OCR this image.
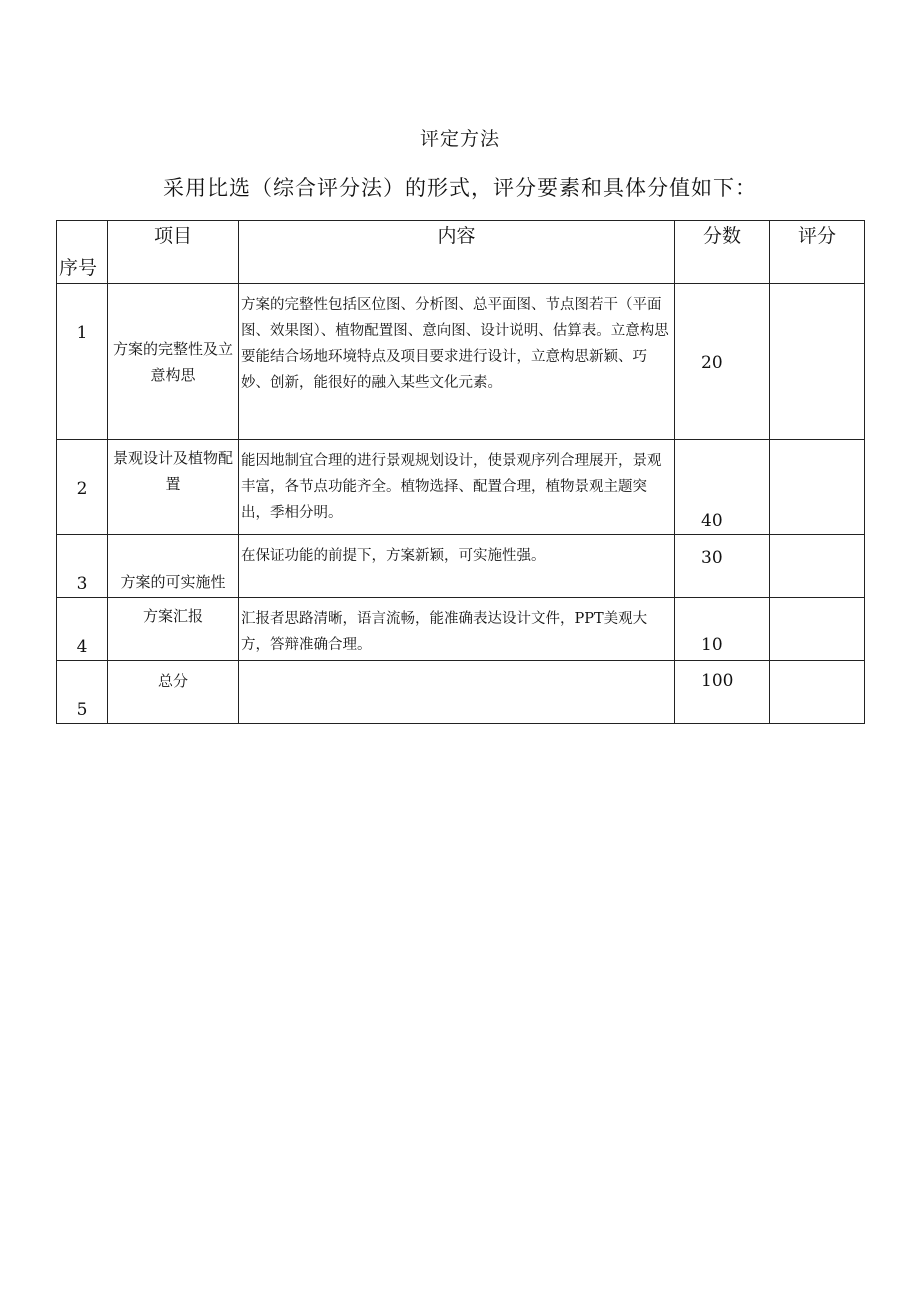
评定方法
采用比选（综合评分法）的形式，评分要素和具体分值如下：
序号	项目	内容	分数	评分

1	方案的完整性及立意构思	方案的完整性包括区位图、分析图、总平面图、节点图若干（平面图、效果图）、植物配置图、意向图、设计说明、估算表。立意构思要能结合场地环境特点及项目要求进行设计，立意构思新颖、巧妙、创新，能很好的融入某些文化元素。	20	
2	景观设计及植物配置	能因地制宜合理的进行景观规划设计，使景观序列合理展开，景观丰富，各节点功能齐全。植物选择、配置合理，植物景观主题突出，季相分明。	40	
3	方案的可实施性	在保证功能的前提下，方案新颖，可实施性强。	30	
4	方案汇报	汇报者思路清晰，语言流畅，能准确表达设计文件，PPT美观大方，答辩准确合理。	10	
5	总分		100	
